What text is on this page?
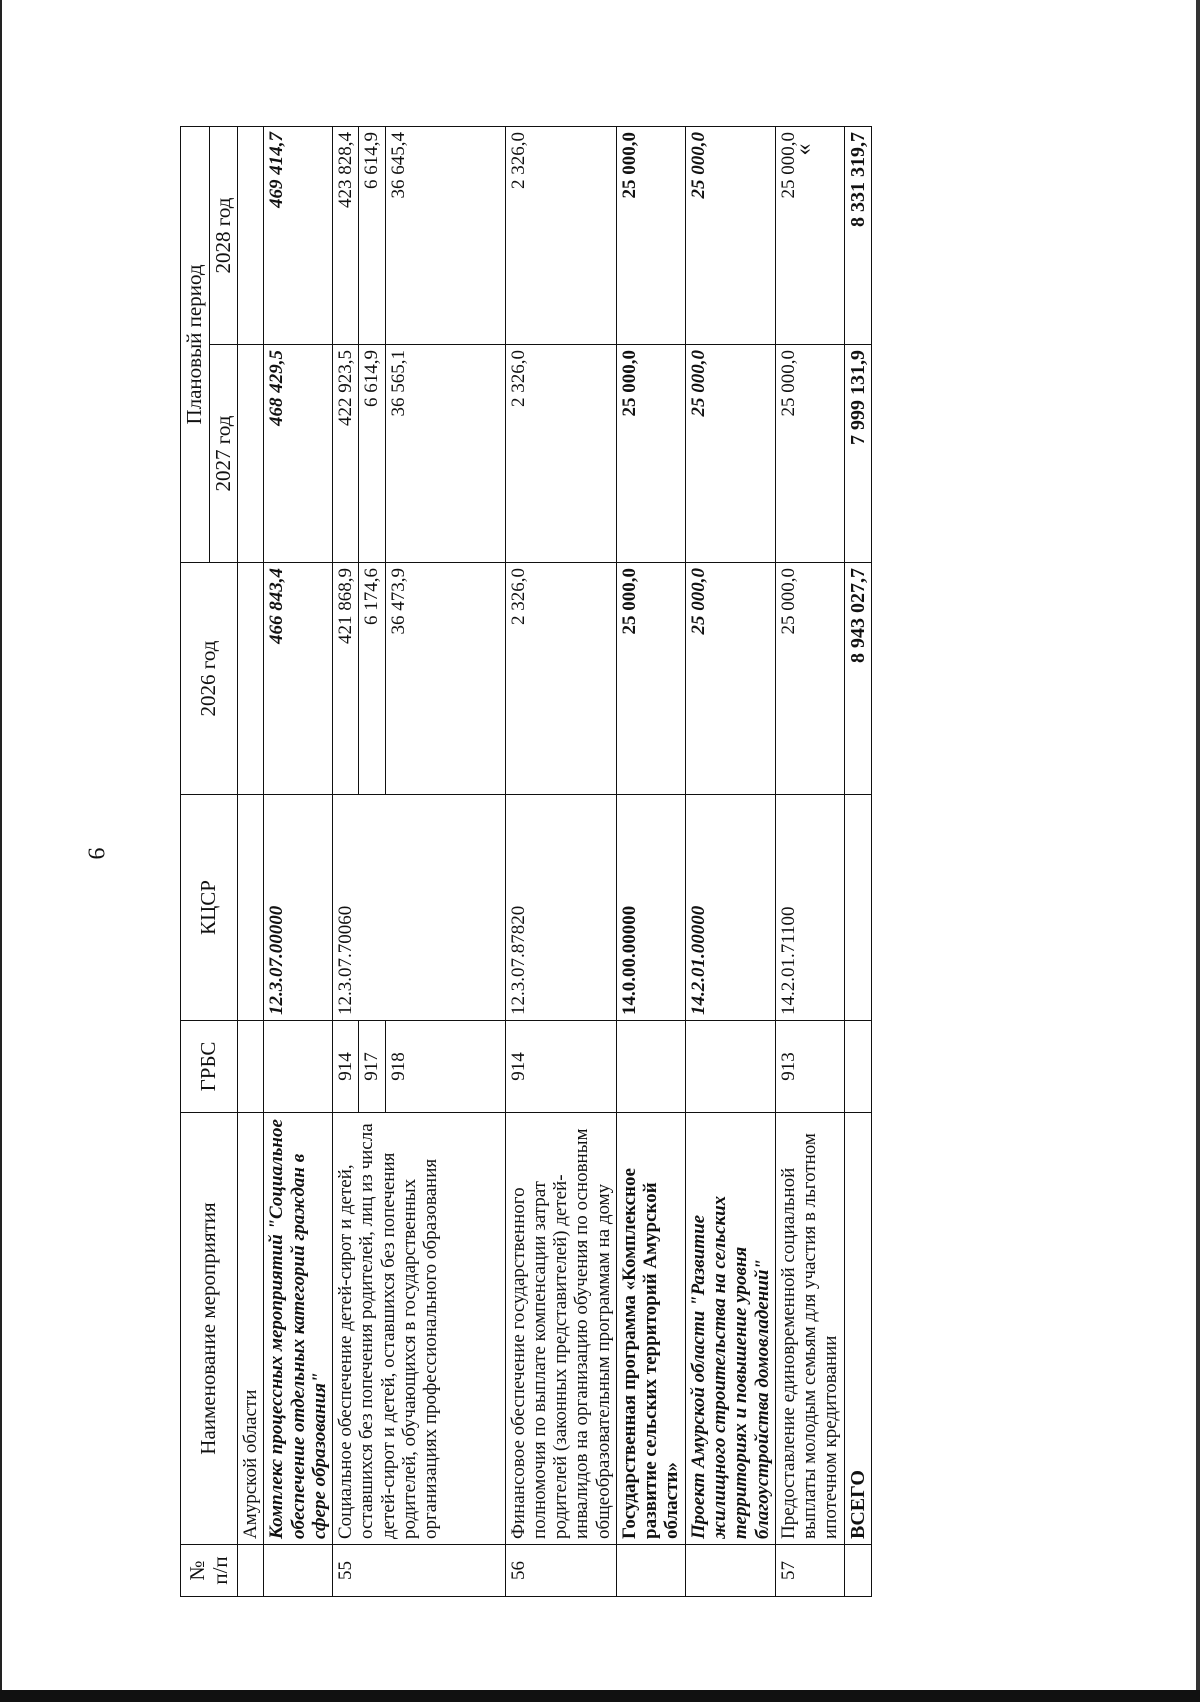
9
»
№ п/п	Наименование мероприятия	ГРБС	КЦСР	2026 год	Плановый период	
					2027 год	2028 год
	Амурской области					
	Комплекс процессных мероприятий "Социальное обеспечение отдельных категорий граждан в сфере образования"		12.3.07.00000	466 843,4	468 429,5	469 414,7
55	Социальное обеспечение детей-сирот и детей, оставшихся без попечения родителей, лиц из числа детей-сирот и детей, оставшихся без попечения родителей, обучающихся в государственных организациях профессионального образования	914	12.3.07.70060	421 868,9	422 923,5	423 828,4
		917		6 174,6	6 614,9	6 614,9
		918		36 473,9	36 565,1	36 645,4
56	Финансовое обеспечение государственного полномочия по выплате компенсации затрат родителей (законных представителей) детей-инвалидов на организацию обучения по основным общеобразовательным программам на дому	914	12.3.07.87820	2 326,0	2 326,0	2 326,0
	Государственная программа «Комплексное развитие сельских территорий Амурской области»		14.0.00.00000	25 000,0	25 000,0	25 000,0
	Проект Амурской области "Развитие жилищного строительства на сельских территориях и повышение уровня благоустройства домовладений"		14.2.01.00000	25 000,0	25 000,0	25 000,0
57	Предоставление единовременной социальной выплаты молодым семьям для участия в льготном ипотечном кредитовании	913	14.2.01.71100	25 000,0	25 000,0	25 000,0
	ВСЕГО			8 943 027,7	7 999 131,9	8 331 319,7
